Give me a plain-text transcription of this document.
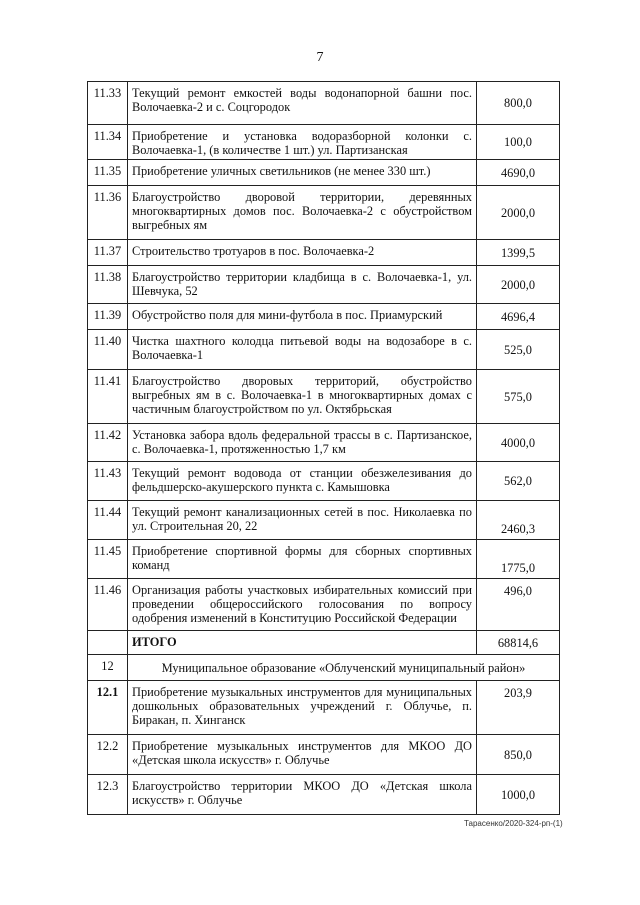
7
11.33	Текущий ремонт емкостей воды водонапорной башни пос. Волочаевка-2 и с. Соцгородок	800,0
11.34	Приобретение и установка водоразборной колонки с. Волочаевка-1, (в количестве 1 шт.) ул. Партизанская	100,0
11.35	Приобретение уличных светильников (не менее 330 шт.)	4690,0
11.36	Благоустройство дворовой территории, деревянных многоквартирных домов пос. Волочаевка-2 с обустройством выгребных ям	2000,0
11.37	Строительство тротуаров в пос. Волочаевка-2	1399,5
11.38	Благоустройство территории кладбища в с. Волочаевка-1, ул. Шевчука, 52	2000,0
11.39	Обустройство поля для мини-футбола в пос. Приамурский	4696,4
11.40	Чистка шахтного колодца питьевой воды на водозаборе в с. Волочаевка-1	525,0
11.41	Благоустройство дворовых территорий, обустройство выгребных ям в с. Волочаевка-1 в многоквартирных домах с частичным благоустройством по ул. Октябрьская	575,0
11.42	Установка забора вдоль федеральной трассы в с. Партизанское, с. Волочаевка-1, протяженностью 1,7 км	4000,0
11.43	Текущий ремонт водовода от станции обезжелезивания до фельдшерско-акушерского пункта с. Камышовка	562,0
11.44	Текущий ремонт канализационных сетей в пос. Николаевка по ул. Строительная 20, 22	2460,3
11.45	Приобретение спортивной формы для сборных спортивных команд	1775,0
11.46	Организация работы участковых избирательных комиссий при проведении общероссийского голосования по вопросу одобрения изменений в Конституцию Российской Федерации	496,0
	ИТОГО	68814,6
12	Муниципальное образование «Облученский муниципальный район»	
12.1	Приобретение музыкальных инструментов для муниципальных дошкольных образовательных учреждений г. Облучье, п. Биракан, п. Хинганск	203,9
12.2	Приобретение музыкальных инструментов для МКОО ДО «Детская школа искусств» г. Облучье	850,0
12.3	Благоустройство территории МКОО ДО «Детская школа искусств» г. Облучье	1000,0
Тарасенко/2020-324-рп-(1)
